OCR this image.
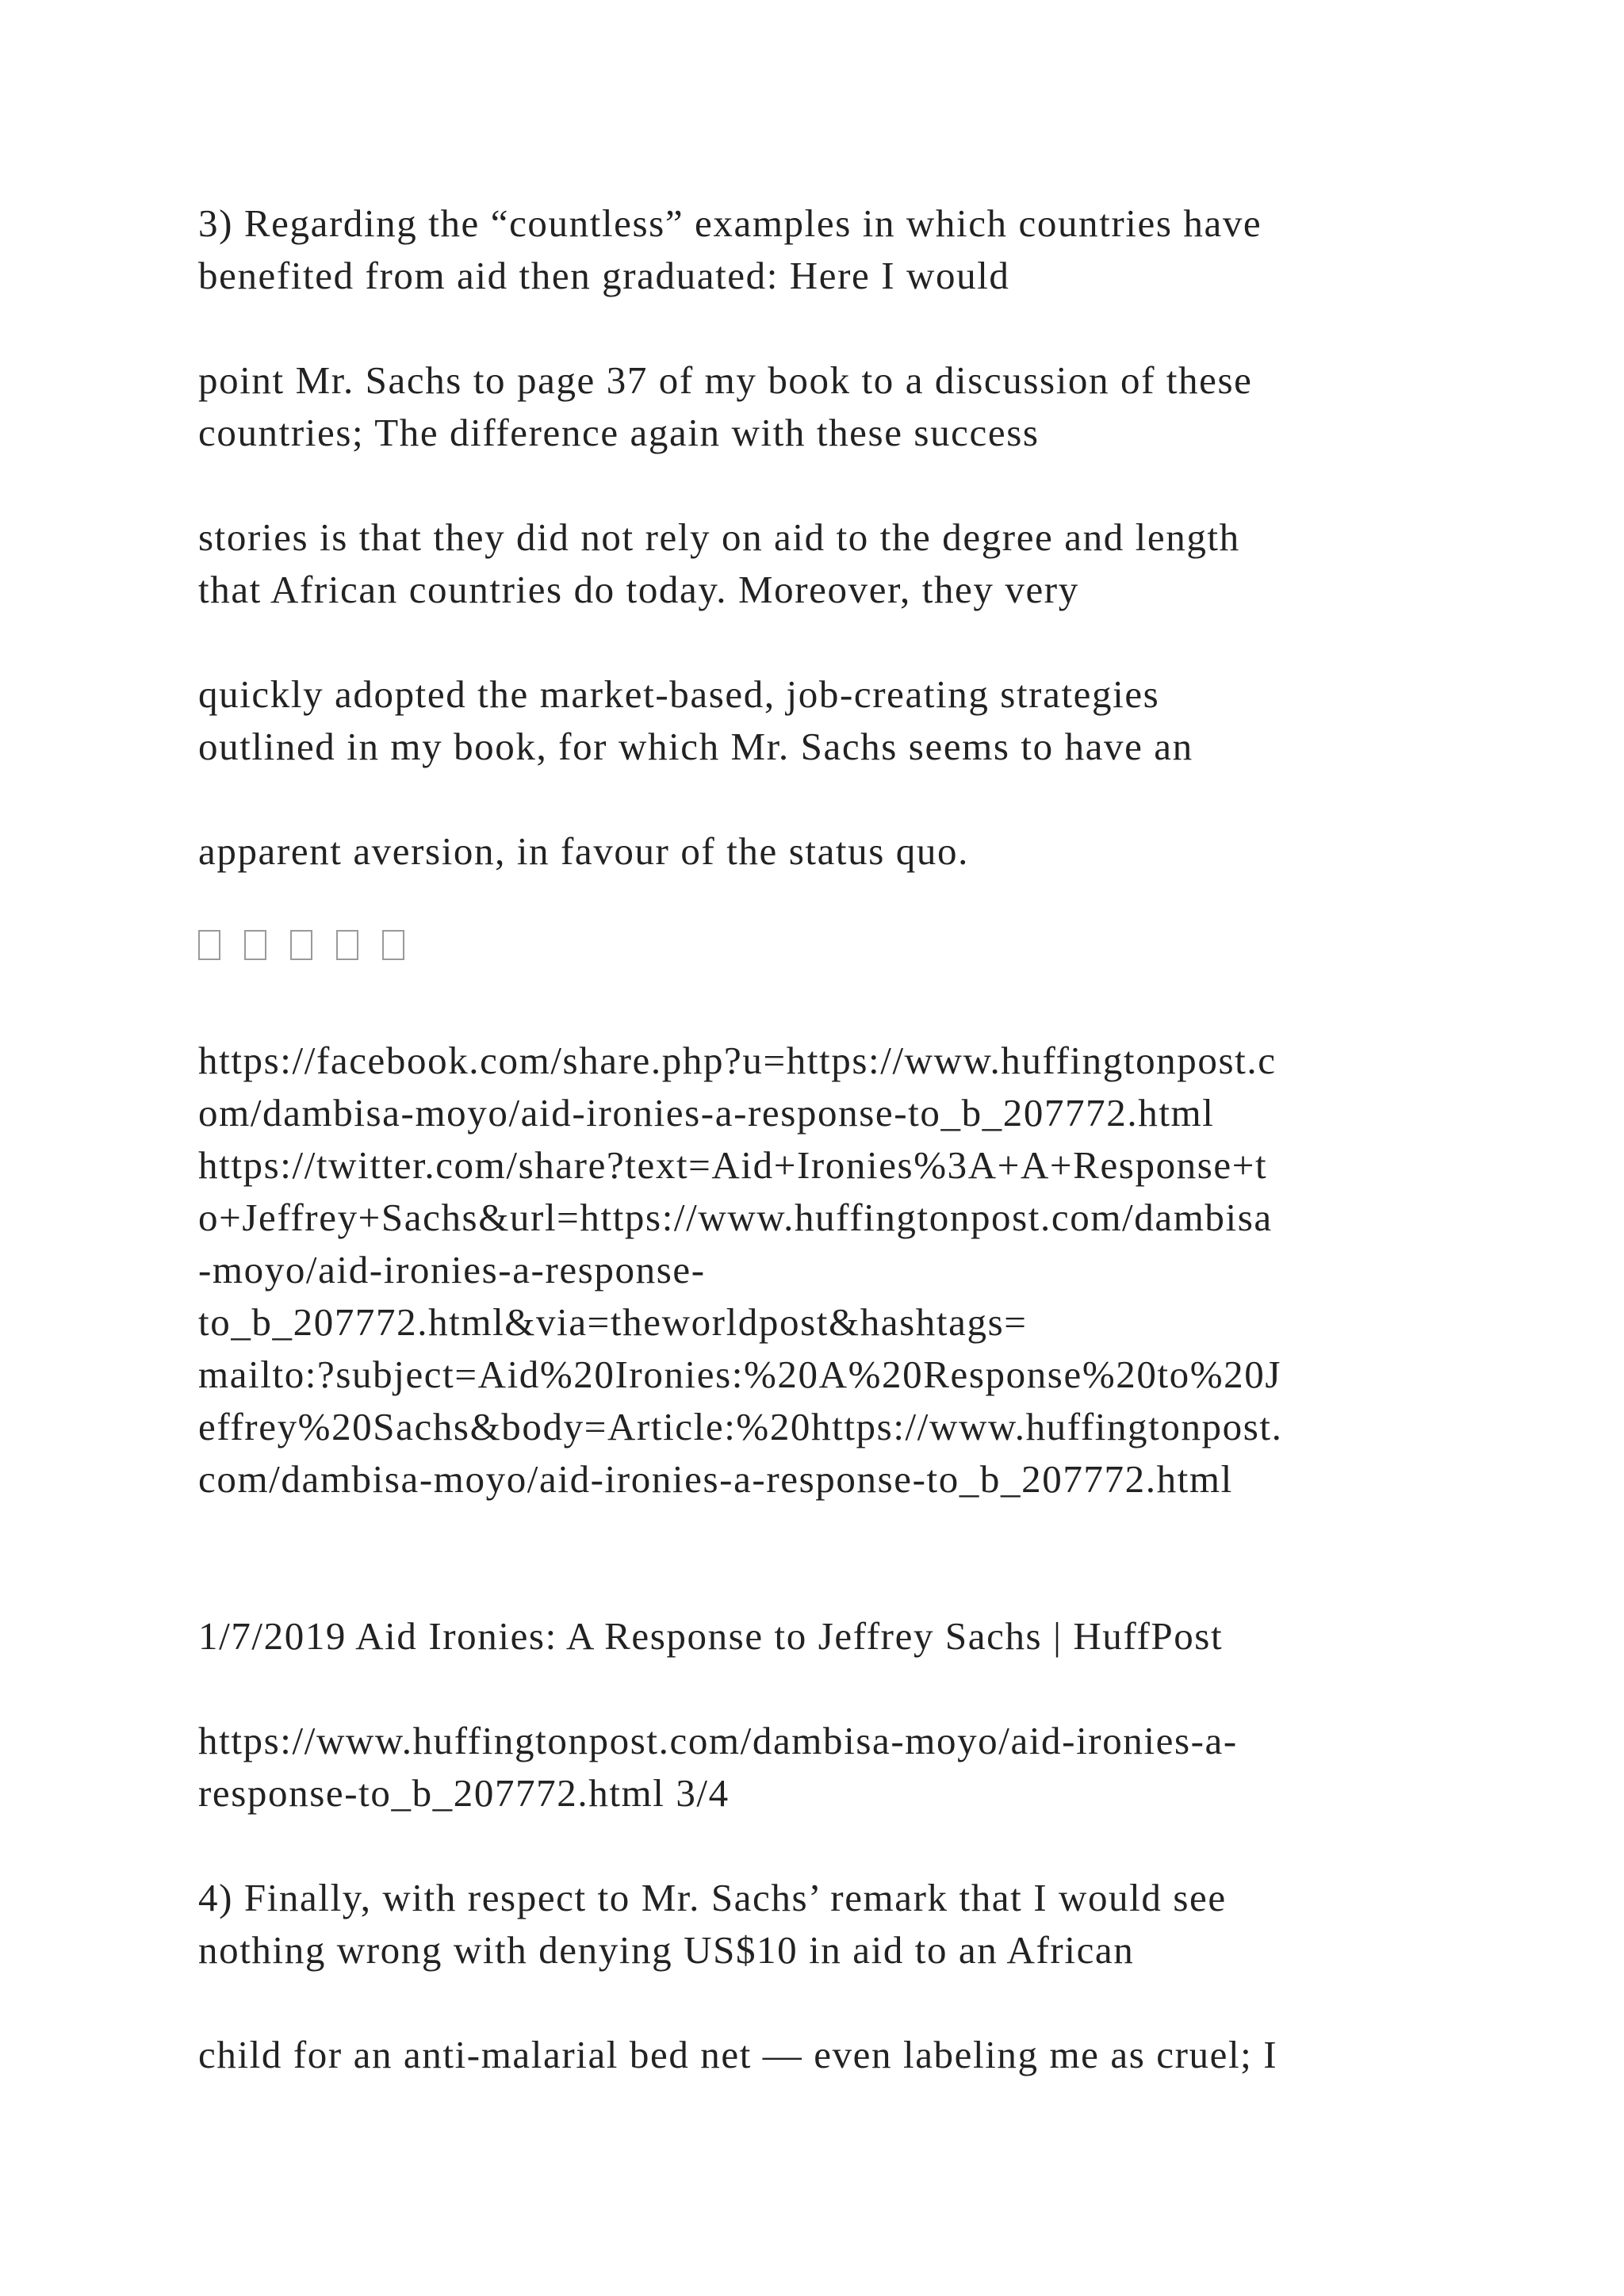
3) Regarding the “countless” examples in which countries have
benefited from aid then graduated: Here I would
point Mr. Sachs to page 37 of my book to a discussion of these
countries; The difference again with these success
stories is that they did not rely on aid to the degree and length
that African countries do today. Moreover, they very
quickly adopted the market-based, job-creating strategies
outlined in my book, for which Mr. Sachs seems to have an
apparent aversion, in favour of the status quo.
https://facebook.com/share.php?u=https://www.huffingtonpost.c
om/dambisa-moyo/aid-ironies-a-response-to_b_207772.html
https://twitter.com/share?text=Aid+Ironies%3A+A+Response+t
o+Jeffrey+Sachs&url=https://www.huffingtonpost.com/dambisa
-moyo/aid-ironies-a-response-
to_b_207772.html&via=theworldpost&hashtags=
mailto:?subject=Aid%20Ironies:%20A%20Response%20to%20J
effrey%20Sachs&body=Article:%20https://www.huffingtonpost.
com/dambisa-moyo/aid-ironies-a-response-to_b_207772.html
1/7/2019 Aid Ironies: A Response to Jeffrey Sachs | HuffPost
https://www.huffingtonpost.com/dambisa-moyo/aid-ironies-a-
response-to_b_207772.html 3/4
4) Finally, with respect to Mr. Sachs’ remark that I would see
nothing wrong with denying US$10 in aid to an African
child for an anti-malarial bed net — even labeling me as cruel; I
